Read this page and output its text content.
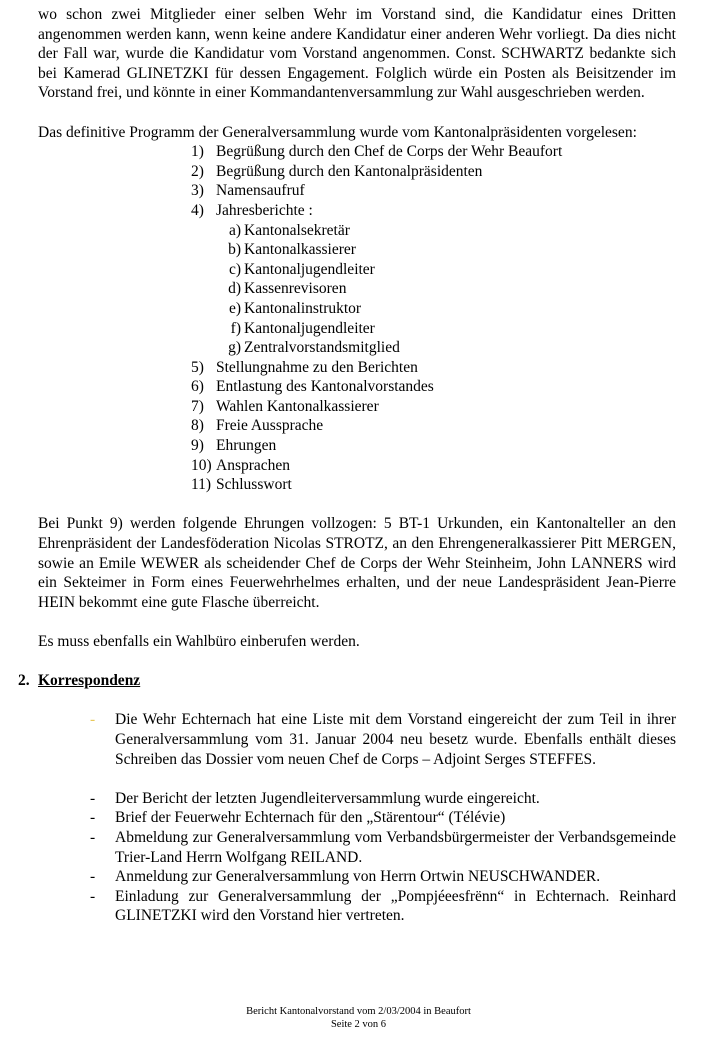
wo schon zwei Mitglieder einer selben Wehr im Vorstand sind, die Kandidatur eines Dritten angenommen werden kann, wenn keine andere Kandidatur einer anderen Wehr vorliegt. Da dies nicht der Fall war, wurde die Kandidatur vom Vorstand angenommen. Const. SCHWARTZ bedankte sich bei Kamerad GLINETZKI für dessen Engagement. Folglich würde ein Posten als Beisitzender im Vorstand frei, und könnte in einer Kommandantenversammlung zur Wahl ausgeschrieben werden.

Das definitive Programm der Generalversammlung wurde vom Kantonalpräsidenten vorgelesen:

1) Begrüßung durch den Chef de Corps der Wehr Beaufort
2) Begrüßung durch den Kantonalpräsidenten
3) Namensaufruf
4) Jahresberichte :
a) Kantonalsekretär
b) Kantonalkassierer
c) Kantonaljugendleiter
d) Kassenrevisoren
e) Kantonalinstruktor
f) Kantonaljugendleiter
g) Zentralvorstandsmitglied
5) Stellungnahme zu den Berichten
6) Entlastung des Kantonalvorstandes
7) Wahlen Kantonalkassierer
8) Freie Aussprache
9) Ehrungen
10) Ansprachen
11) Schlusswort

Bei Punkt 9) werden folgende Ehrungen vollzogen: 5 BT-1 Urkunden, ein Kantonalteller an den Ehrenpräsident der Landesföderation Nicolas STROTZ, an den Ehrengeneralkassierer Pitt MERGEN, sowie an Emile WEWER als scheidender Chef de Corps der Wehr Steinheim, John LANNERS wird ein Sekteimer in Form eines Feuerwehrhelmes erhalten, und der neue Landespräsident Jean-Pierre HEIN bekommt eine gute Flasche überreicht.

Es muss ebenfalls ein Wahlbüro einberufen werden.

2. Korrespondenz
- Die Wehr Echternach hat eine Liste mit dem Vorstand eingereicht der zum Teil in ihrer Generalversammlung vom 31. Januar 2004 neu besetz wurde. Ebenfalls enthält dieses Schreiben das Dossier vom neuen Chef de Corps – Adjoint Serges STEFFES.
- Der Bericht der letzten Jugendleiterversammlung wurde eingereicht.
- Brief der Feuerwehr Echternach für den „Stärentour“ (Télévie)
- Abmeldung zur Generalversammlung vom Verbandsbürgermeister der Verbandsgemeinde Trier-Land Herrn Wolfgang REILAND.
- Anmeldung zur Generalversammlung von Herrn Ortwin NEUSCHWANDER.
- Einladung zur Generalversammlung der „Pompjéeesfrënn“ in Echternach. Reinhard GLINETZKI wird den Vorstand hier vertreten.
Bericht Kantonalvorstand vom 2/03/2004 in Beaufort
Seite 2 von 6
